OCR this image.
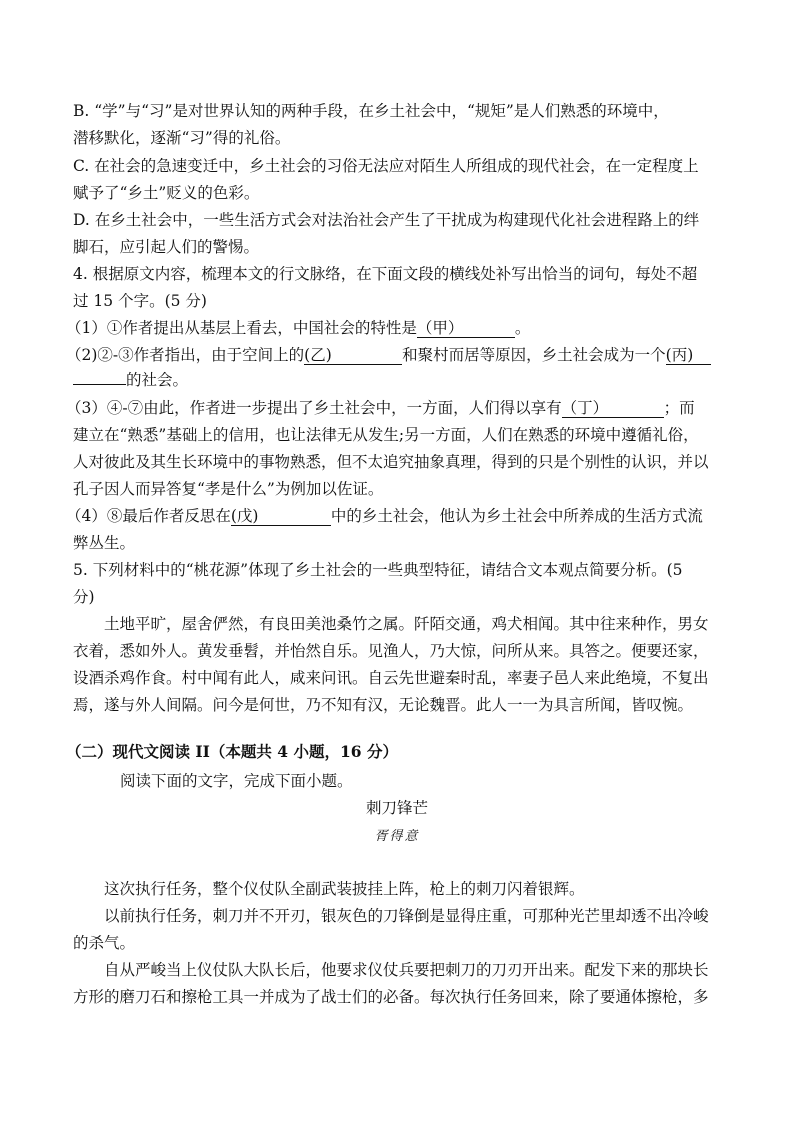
B. “学”与“习”是对世界认知的两种手段，在乡土社会中，“规矩”是人们熟悉的环境中，
潜移默化，逐渐“习”得的礼俗。
C. 在社会的急速变迁中，乡土社会的习俗无法应对陌生人所组成的现代社会，在一定程度上
赋予了“乡土”贬义的色彩。
D. 在乡土社会中，一些生活方式会对法治社会产生了干扰成为构建现代化社会进程路上的绊
脚石，应引起人们的警惕。
4. 根据原文内容，梳理本文的行文脉络，在下面文段的横线处补写出恰当的词句，每处不超
过 15 个字。(5 分)
（1）①作者提出从基层上看去，中国社会的特性是（甲）	。
（2)②-③作者指出，由于空间上的(乙)	和聚村而居等原因，乡土社会成为一个(丙)
的社会。
（3）④-⑦由此，作者进一步提出了乡土社会中，一方面，人们得以享有（丁）	；而
建立在“熟悉”基础上的信用，也让法律无从发生;另一方面，人们在熟悉的环境中遵循礼俗，
人对彼此及其生长环境中的事物熟悉，但不太追究抽象真理，得到的只是个别性的认识，并以
孔子因人而异答复“孝是什么”为例加以佐证。
（4）⑧最后作者反思在(戊)	中的乡土社会，他认为乡土社会中所养成的生活方式流
弊丛生。
5. 下列材料中的“桃花源”体现了乡土社会的一些典型特征，请结合文本观点简要分析。(5
分)
土地平旷，屋舍俨然，有良田美池桑竹之属。阡陌交通，鸡犬相闻。其中往来种作，男女
衣着，悉如外人。黄发垂髫，并怡然自乐。见渔人，乃大惊，问所从来。具答之。便要还家，
设酒杀鸡作食。村中闻有此人，咸来问讯。自云先世避秦时乱，率妻子邑人来此绝境，不复出
焉，遂与外人间隔。问今是何世，乃不知有汉，无论魏晋。此人一一为具言所闻，皆叹惋。
（二）现代文阅读 II（本题共 4 小题，16 分）
阅读下面的文字，完成下面小题。
刺刀锋芒
胥得意
这次执行任务，整个仪仗队全副武装披挂上阵，枪上的刺刀闪着银辉。
以前执行任务，刺刀并不开刃，银灰色的刀锋倒是显得庄重，可那种光芒里却透不出冷峻
的杀气。
自从严峻当上仪仗队大队长后，他要求仪仗兵要把刺刀的刀刃开出来。配发下来的那块长
方形的磨刀石和擦枪工具一并成为了战士们的必备。每次执行任务回来，除了要通体擦枪，多
